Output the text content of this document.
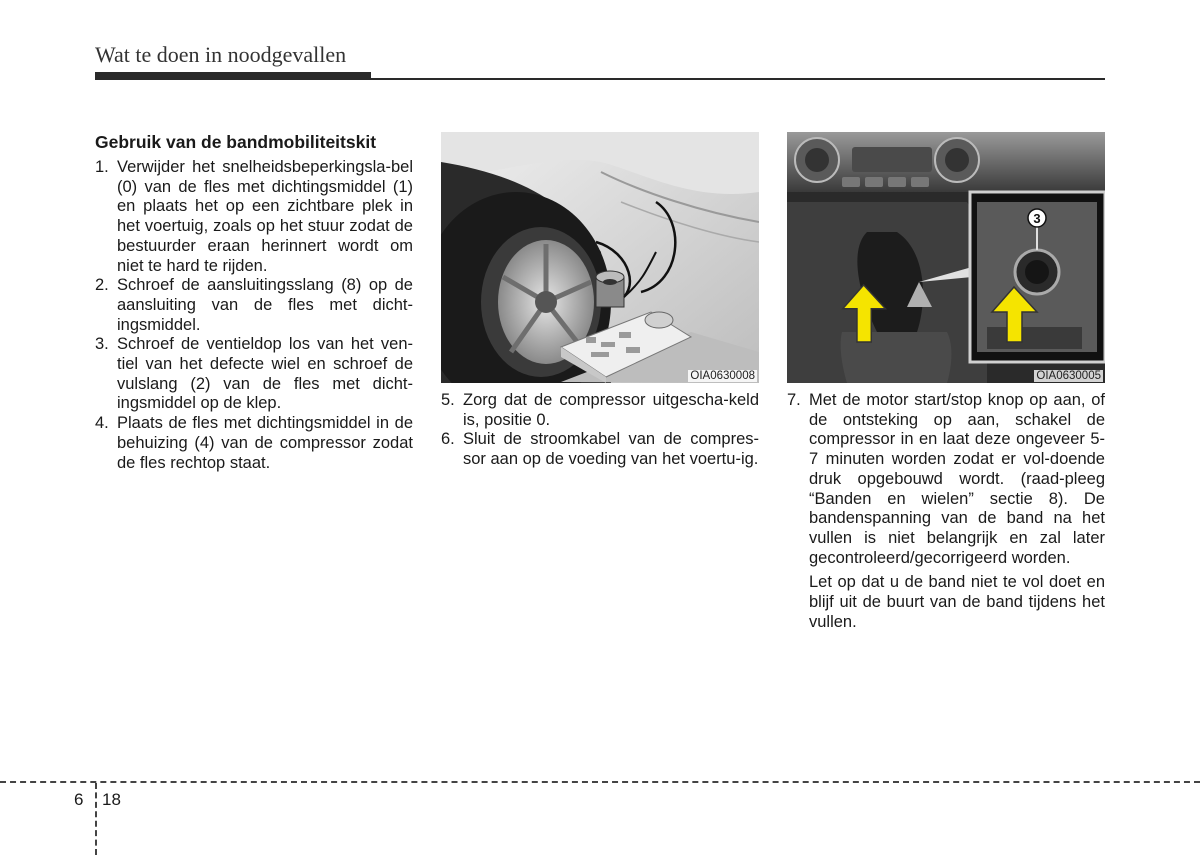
Wat te doen in noodgevallen
Gebruik van de bandmobiliteitskit
1. Verwijder het snelheidsbeperkingsla-bel (0) van de fles met dichtingsmiddel (1) en plaats het op een zichtbare plek in het voertuig, zoals op het stuur zodat de bestuurder eraan herinnert wordt om niet te hard te rijden.
2. Schroef de aansluitingsslang (8) op de aansluiting van de fles met dicht-ingsmiddel.
3. Schroef de ventieldop los van het ven-tiel van het defecte wiel en schroef de vulslang (2) van de fles met dicht-ingsmiddel op de klep.
4. Plaats de fles met dichtingsmiddel in de behuizing (4) van de compressor zodat de fles rechtop staat.
OIA0630008
3
OIA0630005
5. Zorg dat de compressor uitgescha-keld is, positie 0.
6. Sluit de stroomkabel van de compres-sor aan op de voeding van het voertu-ig.
7. Met de motor start/stop knop op aan, of de ontsteking op aan, schakel de compressor in en laat deze ongeveer 5-7 minuten worden zodat er vol-doende druk opgebouwd wordt. (raad-pleeg “Banden en wielen” sectie 8). De bandenspanning van de band na het vullen is niet belangrijk en zal later gecontroleerd/gecorrigeerd worden.
Let op dat u de band niet te vol doet en blijf uit de buurt van de band tijdens het vullen.
6 18
